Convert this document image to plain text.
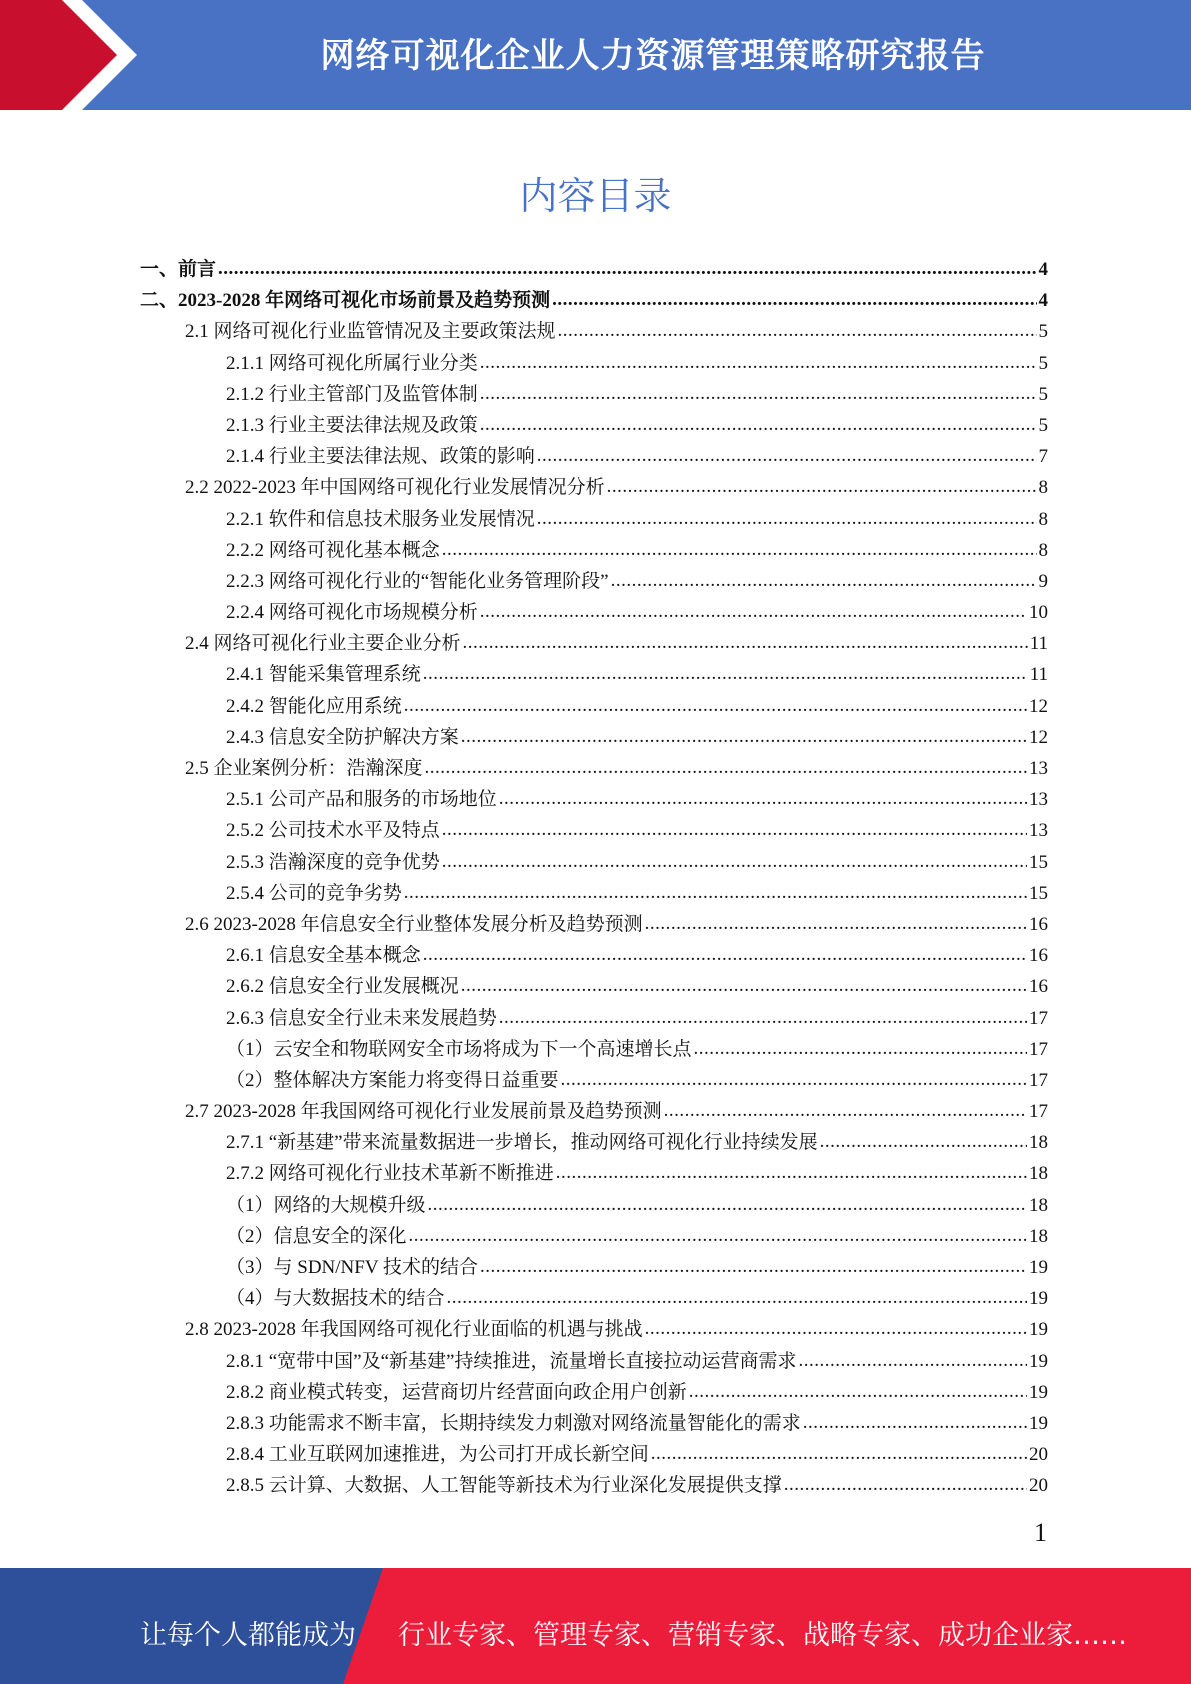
网络可视化企业人力资源管理策略研究报告
内容目录
一、前言 .....	4
二、2023-2028 年网络可视化市场前景及趋势预测 .....	4
2.1 网络可视化行业监管情况及主要政策法规 .....	5
2.1.1 网络可视化所属行业分类 .....	5
2.1.2 行业主管部门及监管体制 .....	5
2.1.3 行业主要法律法规及政策 .....	5
2.1.4 行业主要法律法规、政策的影响 .....	7
2.2 2022-2023 年中国网络可视化行业发展情况分析 .....	8
2.2.1 软件和信息技术服务业发展情况 .....	8
2.2.2 网络可视化基本概念 .....	8
2.2.3 网络可视化行业的“智能化业务管理阶段” .....	9
2.2.4 网络可视化市场规模分析 .....	10
2.4 网络可视化行业主要企业分析 .....	11
2.4.1 智能采集管理系统 .....	11
2.4.2 智能化应用系统 .....	12
2.4.3 信息安全防护解决方案 .....	12
2.5 企业案例分析：浩瀚深度 .....	13
2.5.1 公司产品和服务的市场地位 .....	13
2.5.2 公司技术水平及特点 .....	13
2.5.3 浩瀚深度的竞争优势 .....	15
2.5.4 公司的竞争劣势 .....	15
2.6 2023-2028 年信息安全行业整体发展分析及趋势预测 .....	16
2.6.1 信息安全基本概念 .....	16
2.6.2 信息安全行业发展概况 .....	16
2.6.3 信息安全行业未来发展趋势 .....	17
（1）云安全和物联网安全市场将成为下一个高速增长点 .....	17
（2）整体解决方案能力将变得日益重要 .....	17
2.7 2023-2028 年我国网络可视化行业发展前景及趋势预测 .....	17
2.7.1 “新基建”带来流量数据进一步增长，推动网络可视化行业持续发展 .....	18
2.7.2 网络可视化行业技术革新不断推进 .....	18
（1）网络的大规模升级 .....	18
（2）信息安全的深化 .....	18
（3）与 SDN/NFV 技术的结合 .....	19
（4）与大数据技术的结合 .....	19
2.8 2023-2028 年我国网络可视化行业面临的机遇与挑战 .....	19
2.8.1 “宽带中国”及“新基建”持续推进，流量增长直接拉动运营商需求 .....	19
2.8.2 商业模式转变，运营商切片经营面向政企用户创新 .....	19
2.8.3 功能需求不断丰富，长期持续发力刺激对网络流量智能化的需求 .....	19
2.8.4 工业互联网加速推进，为公司打开成长新空间 .....	20
2.8.5 云计算、大数据、人工智能等新技术为行业深化发展提供支撑 .....	20
1
让每个人都能成为 行业专家、管理专家、营销专家、战略专家、成功企业家……
